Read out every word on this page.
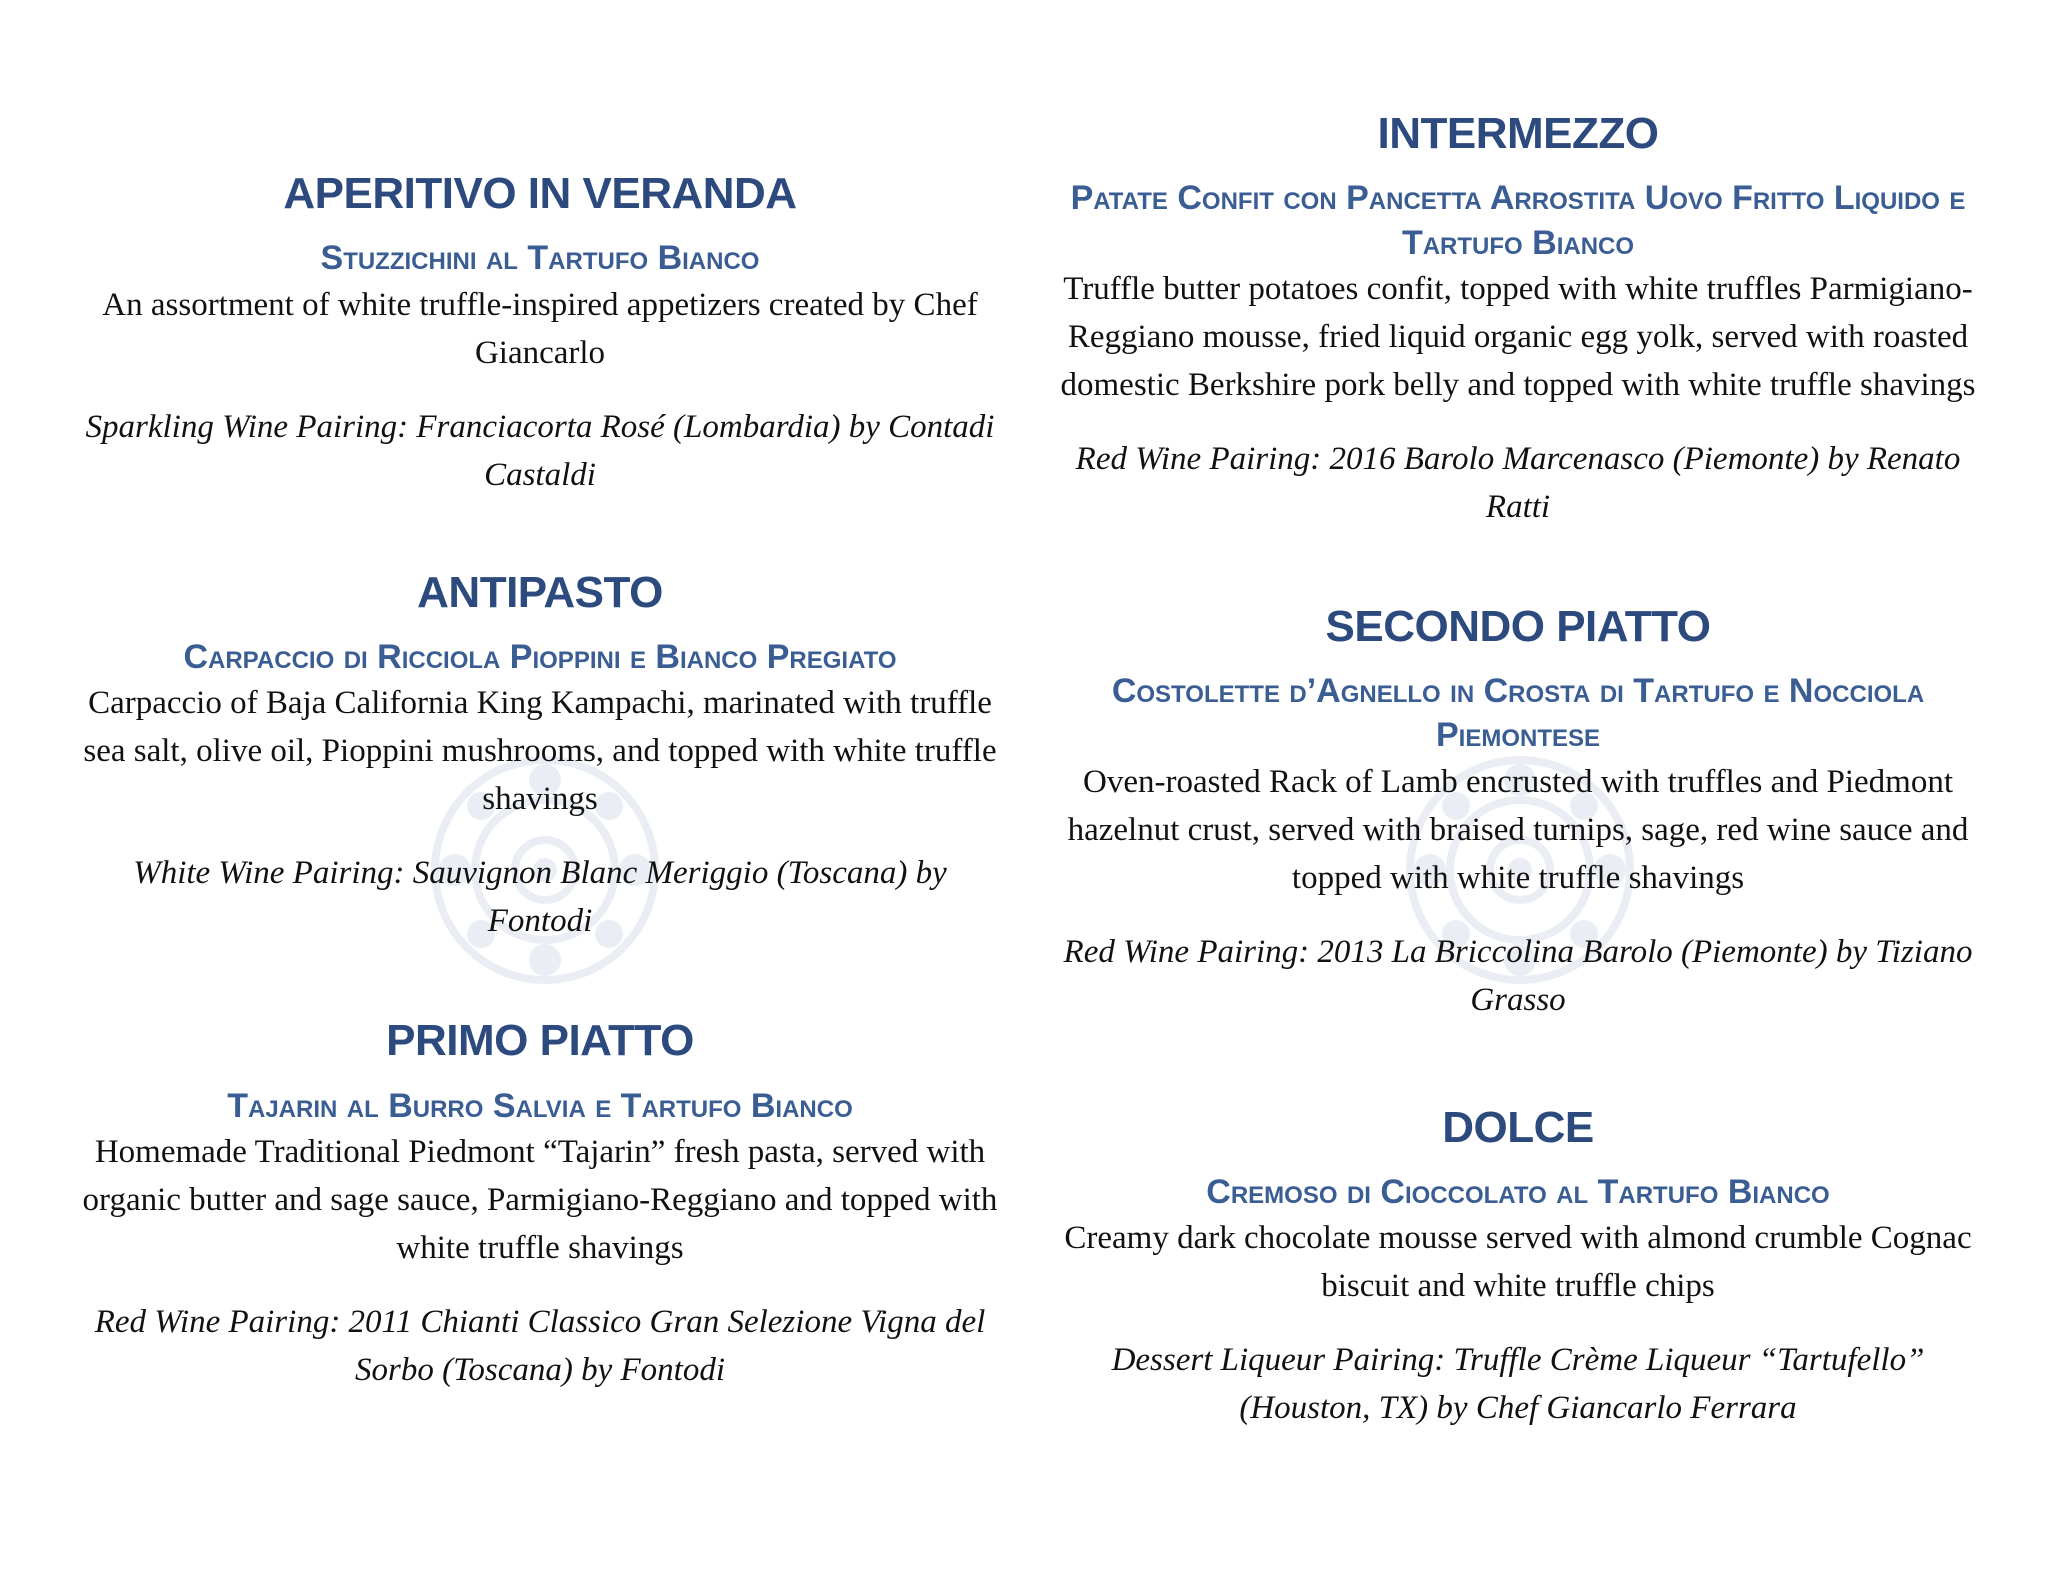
APERITIVO IN VERANDA

Stuzzichini al Tartufo Bianco

An assortment of white truffle-inspired appetizers created by Chef Giancarlo

Sparkling Wine Pairing: Franciacorta Rosé (Lombardia) by Contadi Castaldi

ANTIPASTO

Carpaccio di Ricciola Pioppini e Bianco Pregiato

Carpaccio of Baja California King Kampachi, marinated with truffle sea salt, olive oil, Pioppini mushrooms, and topped with white truffle shavings

White Wine Pairing: Sauvignon Blanc Meriggio (Toscana) by Fontodi

PRIMO PIATTO

Tajarin al Burro Salvia e Tartufo Bianco

Homemade Traditional Piedmont “Tajarin” fresh pasta, served with organic butter and sage sauce, Parmigiano-Reggiano and topped with white truffle shavings

Red Wine Pairing: 2011 Chianti Classico Gran Selezione Vigna del Sorbo (Toscana) by Fontodi

INTERMEZZO

Patate Confit con Pancetta Arrostita Uovo Fritto Liquido e Tartufo Bianco

Truffle butter potatoes confit, topped with white truffles Parmigiano-Reggiano mousse, fried liquid organic egg yolk, served with roasted domestic Berkshire pork belly and topped with white truffle shavings

Red Wine Pairing: 2016 Barolo Marcenasco (Piemonte) by Renato Ratti

SECONDO PIATTO

Costolette d’Agnello in Crosta di Tartufo e Nocciola Piemontese

Oven-roasted Rack of Lamb encrusted with truffles and Piedmont hazelnut crust, served with braised turnips, sage, red wine sauce and topped with white truffle shavings

Red Wine Pairing: 2013 La Briccolina Barolo (Piemonte) by Tiziano Grasso

DOLCE

Cremoso di Cioccolato al Tartufo Bianco

Creamy dark chocolate mousse served with almond crumble Cognac biscuit and white truffle chips

Dessert Liqueur Pairing: Truffle Crème Liqueur “Tartufello” (Houston, TX) by Chef Giancarlo Ferrara
